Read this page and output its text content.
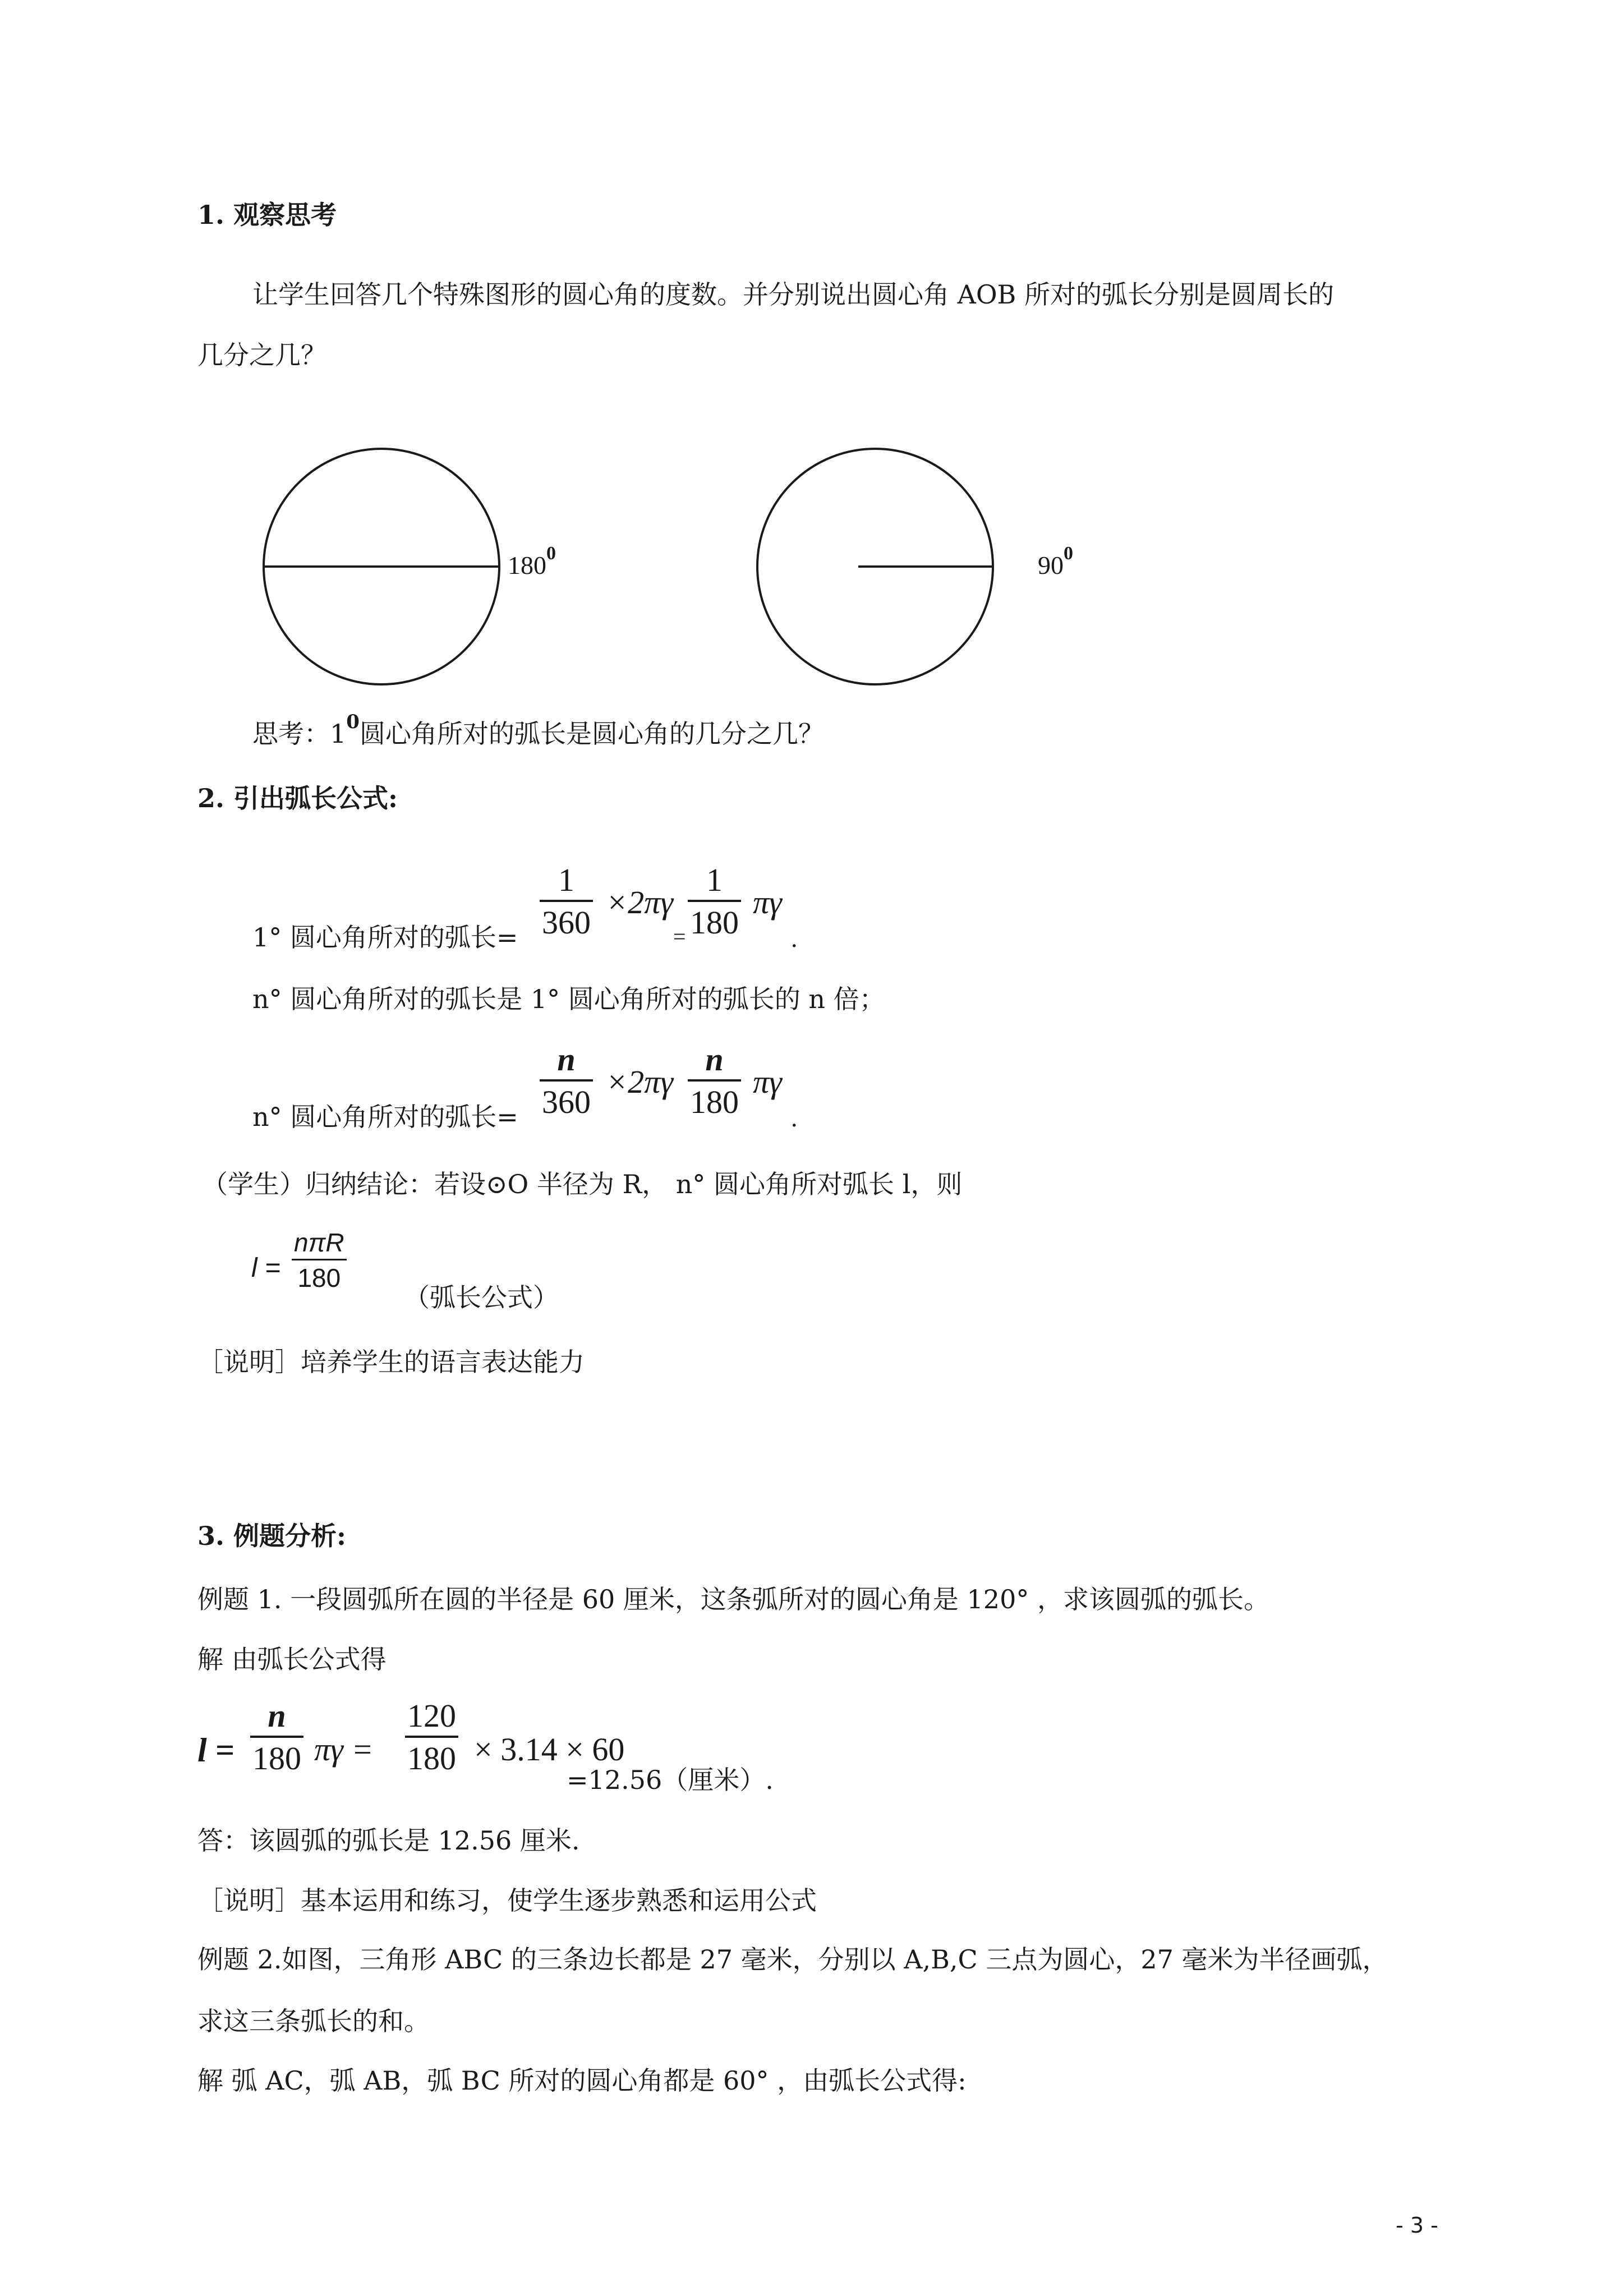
1. 观察思考
让学生回答几个特殊图形的圆心角的度数。并分别说出圆心角 AOB 所对的弧长分别是圆周长的
几分之几？
$180^0$	$90^0$
思考：$1^0$圆心角所对的弧长是圆心角的几分之几？
2. 引出弧长公式:
1° 圆心角所对的弧长=
1
360
×2πγ
=
1
180
πγ
.
n° 圆心角所对的弧长是 1° 圆心角所对的弧长的 n 倍；
n° 圆心角所对的弧长=
n
360
×2πγ
n
180
πγ
.
（学生）归纳结论：若设⊙O 半径为 R， n° 圆心角所对弧长 l，则
l =
nπR
180
（弧长公式）
［说明］培养学生的语言表达能力
3. 例题分析:
例题 1. 一段圆弧所在圆的半径是 60 厘米，这条弧所对的圆心角是 120° ，求该圆弧的弧长。
解 由弧长公式得
l =
n
180 πγ =
120
180 × 3.14 × 60
=12.56（厘米）.
答：该圆弧的弧长是 12.56 厘米.
［说明］基本运用和练习，使学生逐步熟悉和运用公式
例题 2.如图，三角形 ABC 的三条边长都是 27 毫米，分别以 A,B,C 三点为圆心，27 毫米为半径画弧，
求这三条弧长的和。
解 弧 AC，弧 AB，弧 BC 所对的圆心角都是 60° ，由弧长公式得:
- 3 -
